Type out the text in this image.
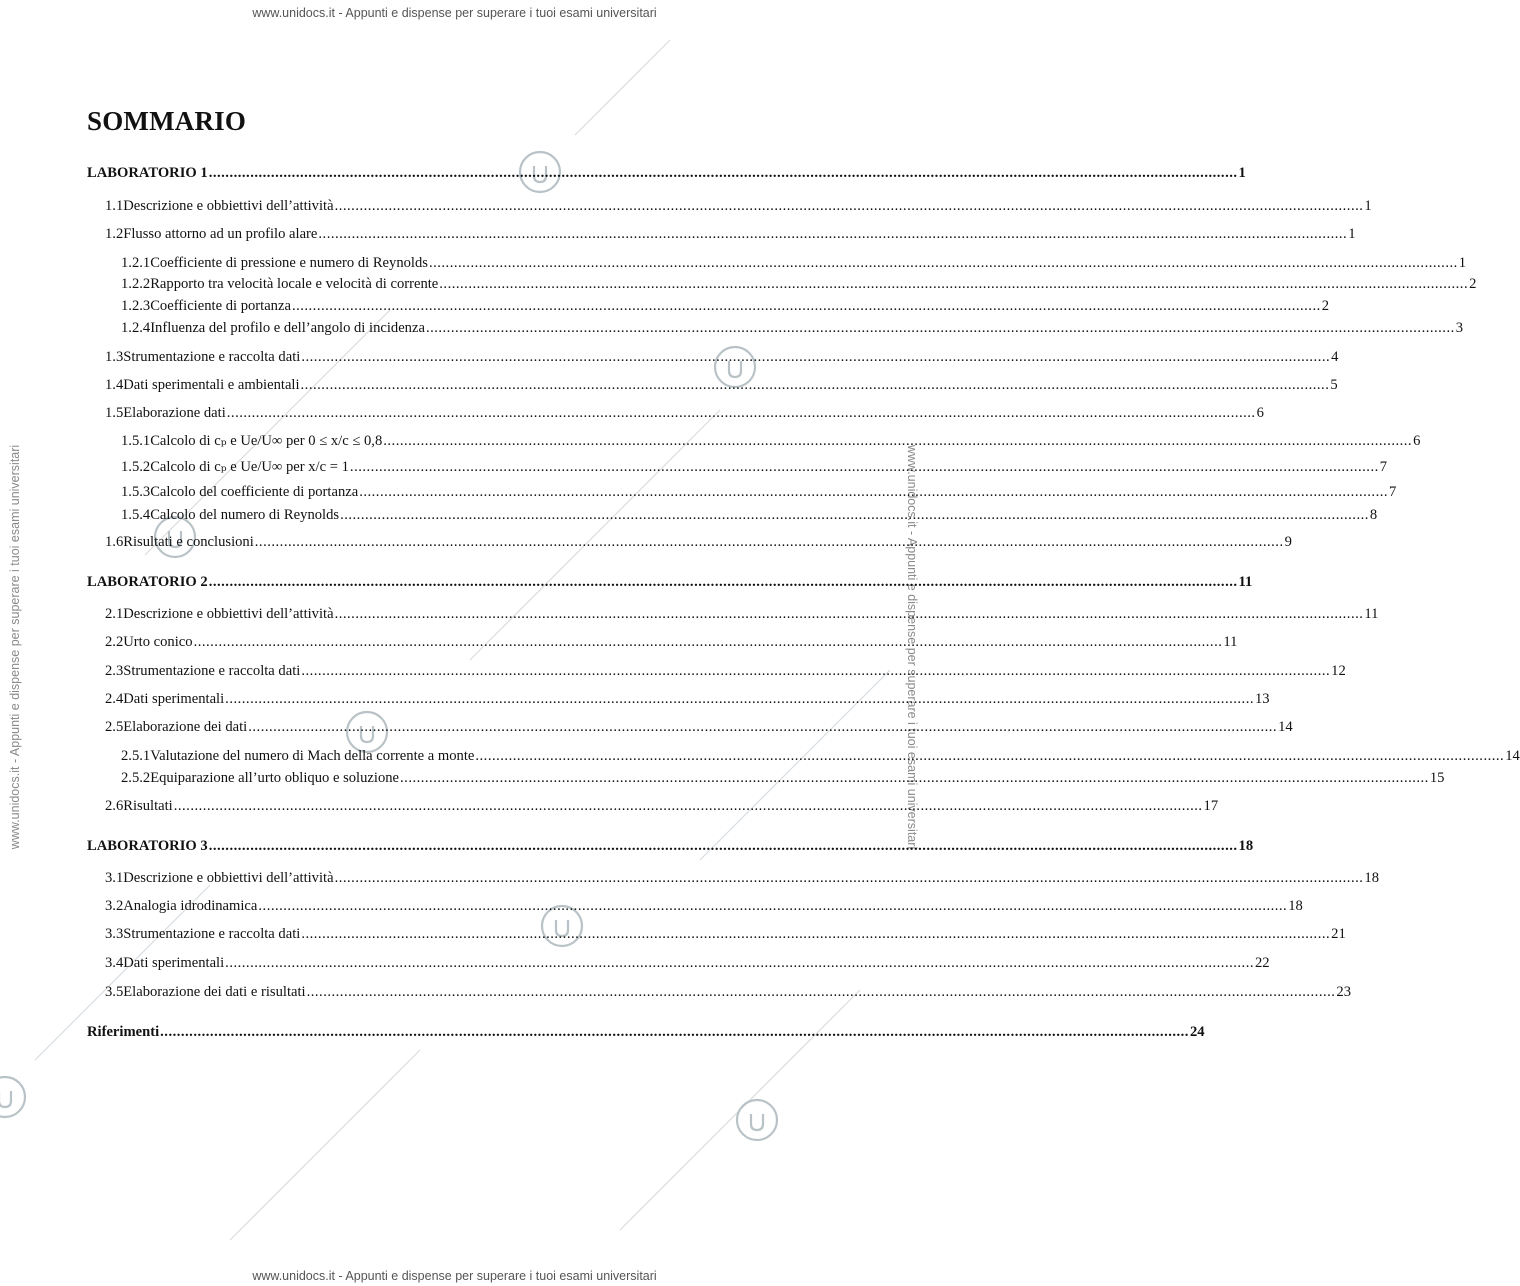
www.unidocs.it - Appunti e dispense per superare i tuoi esami universitari
www.unidocs.it - Appunti e dispense per superare i tuoi esami universitari
www.unidocs.it - Appunti e dispense per superare i tuoi esami universitari	www.unidocs.it - Appunti e dispense per superare i tuoi esami universitari
SOMMARIO
LABORATORIO 1 .....	1
1.1 Descrizione e obbiettivi dell’attività .....	1
1.2 Flusso attorno ad un profilo alare .....	1
1.2.1 Coefficiente di pressione e numero di Reynolds .....	1
1.2.2 Rapporto tra velocità locale e velocità di corrente .....	2
1.2.3 Coefficiente di portanza .....	2
1.2.4 Influenza del profilo e dell’angolo di incidenza .....	3
1.3 Strumentazione e raccolta dati .....	4
1.4 Dati sperimentali e ambientali .....	5
1.5 Elaborazione dati .....	6
1.5.1 Calcolo di cₚ e Ue/U∞ per 0 ≤ x/c ≤ 0,8 .....	6
1.5.2 Calcolo di cₚ e Ue/U∞ per x/c = 1 .....	7
1.5.3 Calcolo del coefficiente di portanza .....	7
1.5.4 Calcolo del numero di Reynolds .....	8
1.6 Risultati e conclusioni .....	9
LABORATORIO 2 .....	11
2.1 Descrizione e obbiettivi dell’attività .....	11
2.2 Urto conico .....	11
2.3 Strumentazione e raccolta dati .....	12
2.4 Dati sperimentali .....	13
2.5 Elaborazione dei dati .....	14
2.5.1 Valutazione del numero di Mach della corrente a monte .....	14
2.5.2 Equiparazione all’urto obliquo e soluzione .....	15
2.6 Risultati .....	17
LABORATORIO 3 .....	18
3.1 Descrizione e obbiettivi dell’attività .....	18
3.2 Analogia idrodinamica .....	18
3.3 Strumentazione e raccolta dati .....	21
3.4 Dati sperimentali .....	22
3.5 Elaborazione dei dati e risultati .....	23
Riferimenti .....	24
